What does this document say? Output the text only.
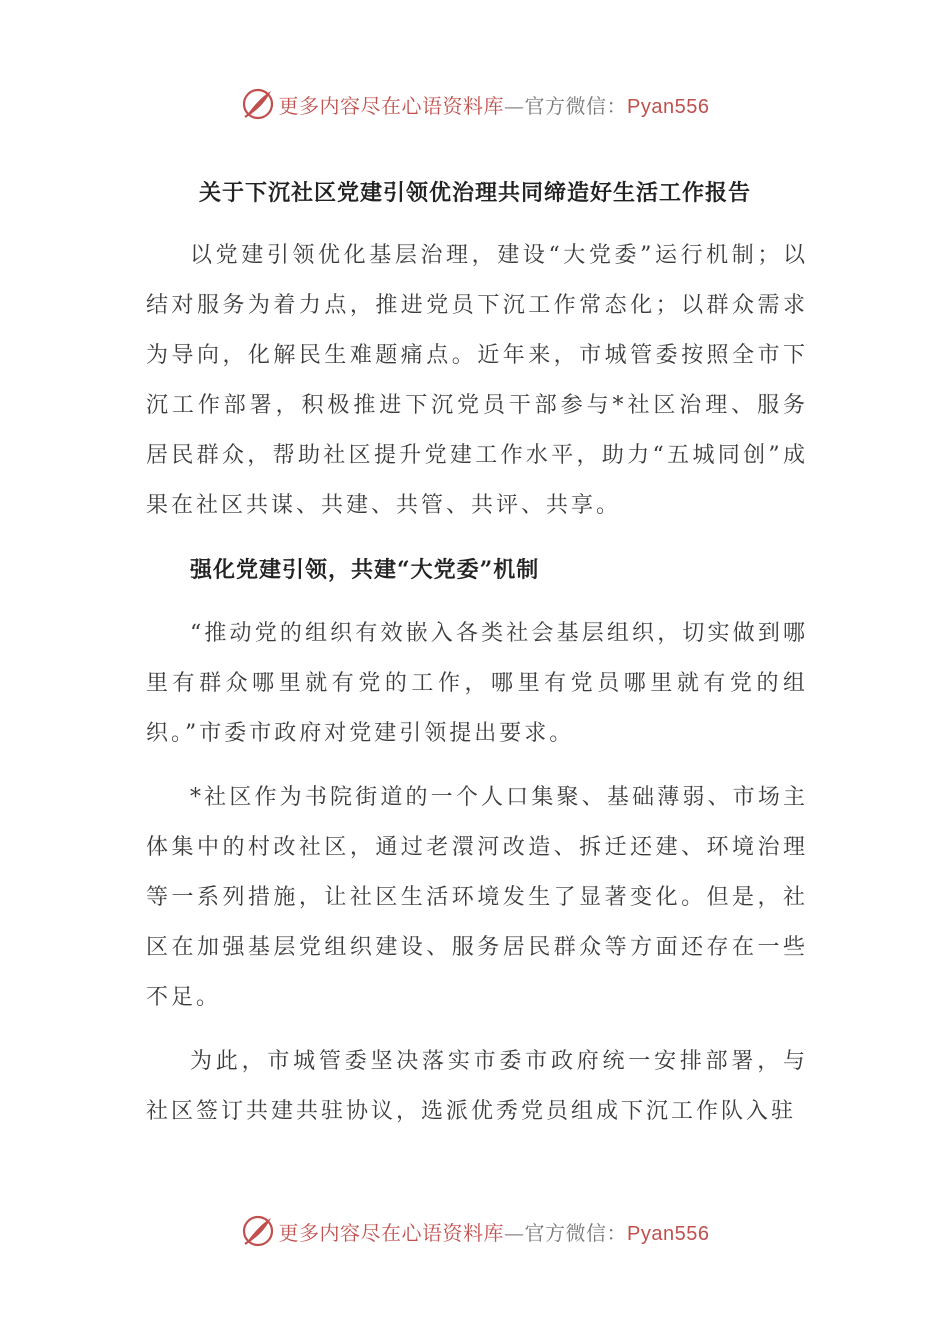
更多内容尽在心语资料库—官方微信：Pyan556
关于下沉社区党建引领优治理共同缔造好生活工作报告

以党建引领优化基层治理，建设“大党委”运行机制；以结对服务为着力点，推进党员下沉工作常态化；以群众需求为导向，化解民生难题痛点。近年来，市城管委按照全市下沉工作部署，积极推进下沉党员干部参与*社区治理、服务居民群众，帮助社区提升党建工作水平，助力“五城同创”成果在社区共谋、共建、共管、共评、共享。

强化党建引领，共建“大党委”机制

“推动党的组织有效嵌入各类社会基层组织，切实做到哪里有群众哪里就有党的工作，哪里有党员哪里就有党的组织。”市委市政府对党建引领提出要求。

*社区作为书院街道的一个人口集聚、基础薄弱、市场主体集中的村改社区，通过老澴河改造、拆迁还建、环境治理等一系列措施，让社区生活环境发生了显著变化。但是，社区在加强基层党组织建设、服务居民群众等方面还存在一些不足。

为此，市城管委坚决落实市委市政府统一安排部署，与社区签订共建共驻协议，选派优秀党员组成下沉工作队入驻

更多内容尽在心语资料库—官方微信：Pyan556
